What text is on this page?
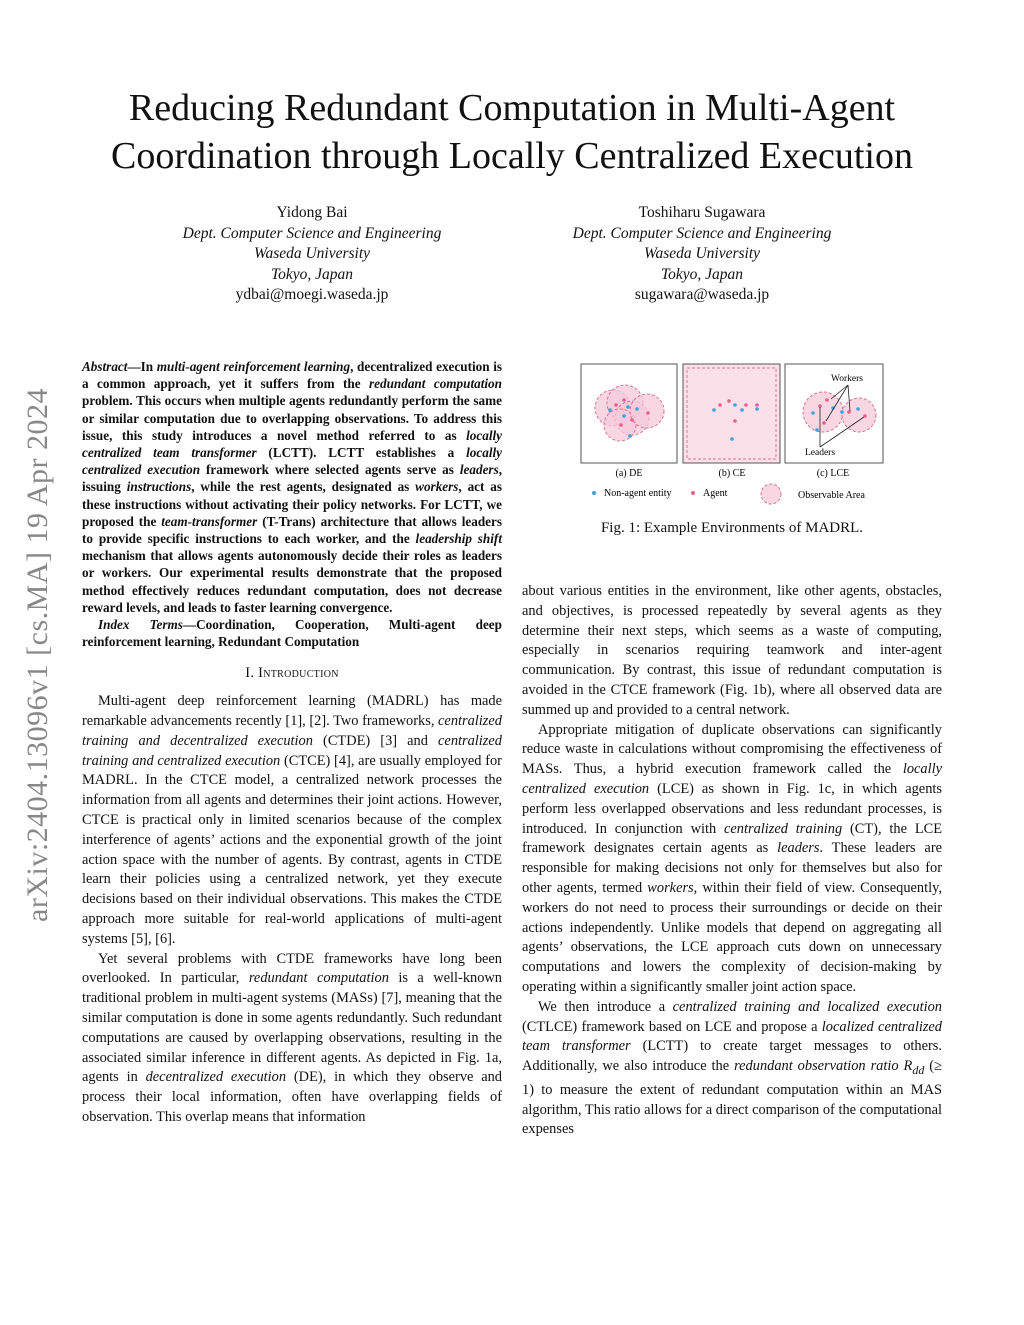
Reducing Redundant Computation in Multi-Agent
Coordination through Locally Centralized Execution
Yidong Bai
Dept. Computer Science and Engineering
Waseda University
Tokyo, Japan
ydbai@moegi.waseda.jp
Toshiharu Sugawara
Dept. Computer Science and Engineering
Waseda University
Tokyo, Japan
sugawara@waseda.jp
arXiv:2404.13096v1 [cs.MA] 19 Apr 2024

Abstract—In multi-agent reinforcement learning, decentralized execution is a common approach, yet it suffers from the redundant computation problem. This occurs when multiple agents redundantly perform the same or similar computation due to overlapping observations. To address this issue, this study introduces a novel method referred to as locally centralized team transformer (LCTT). LCTT establishes a locally centralized execution framework where selected agents serve as leaders, issuing instructions, while the rest agents, designated as workers, act as these instructions without activating their policy networks. For LCTT, we proposed the team-transformer (T-Trans) architecture that allows leaders to provide specific instructions to each worker, and the leadership shift mechanism that allows agents autonomously decide their roles as leaders or workers. Our experimental results demonstrate that the proposed method effectively reduces redundant computation, does not decrease reward levels, and leads to faster learning convergence.

Index Terms—Coordination, Cooperation, Multi-agent deep reinforcement learning, Redundant Computation

I. Introduction

Multi-agent deep reinforcement learning (MADRL) has made remarkable advancements recently [1], [2]. Two frameworks, centralized training and decentralized execution (CTDE) [3] and centralized training and centralized execution (CTCE) [4], are usually employed for MADRL. In the CTCE model, a centralized network processes the information from all agents and determines their joint actions. However, CTCE is practical only in limited scenarios because of the complex interference of agents’ actions and the exponential growth of the joint action space with the number of agents. By contrast, agents in CTDE learn their policies using a centralized network, yet they execute decisions based on their individual observations. This makes the CTDE approach more suitable for real-world applications of multi-agent systems [5], [6].

Yet several problems with CTDE frameworks have long been overlooked. In particular, redundant computation is a well-known traditional problem in multi-agent systems (MASs) [7], meaning that the similar computation is done in some agents redundantly. Such redundant computations are caused by overlapping observations, resulting in the associated similar inference in different agents. As depicted in Fig. 1a, agents in decentralized execution (DE), in which they observe and process their local information, often have overlapping fields of observation. This overlap means that information

Workers
Leaders
(a) DE	(b) CE	(c) LCE
Non-agent entity	Agent	Observable Area
Fig. 1: Example Environments of MADRL.

about various entities in the environment, like other agents, obstacles, and objectives, is processed repeatedly by several agents as they determine their next steps, which seems as a waste of computing, especially in scenarios requiring teamwork and inter-agent communication. By contrast, this issue of redundant computation is avoided in the CTCE framework (Fig. 1b), where all observed data are summed up and provided to a central network.

Appropriate mitigation of duplicate observations can significantly reduce waste in calculations without compromising the effectiveness of MASs. Thus, a hybrid execution framework called the locally centralized execution (LCE) as shown in Fig. 1c, in which agents perform less overlapped observations and less redundant processes, is introduced. In conjunction with centralized training (CT), the LCE framework designates certain agents as leaders. These leaders are responsible for making decisions not only for themselves but also for other agents, termed workers, within their field of view. Consequently, workers do not need to process their surroundings or decide on their actions independently. Unlike models that depend on aggregating all agents’ observations, the LCE approach cuts down on unnecessary computations and lowers the complexity of decision-making by operating within a significantly smaller joint action space.

We then introduce a centralized training and localized execution (CTLCE) framework based on LCE and propose a localized centralized team transformer (LCTT) to create target messages to others. Additionally, we also introduce the redundant observation ratio $R_{dd}$ (≥ 1) to measure the extent of redundant computation within an MAS algorithm, This ratio allows for a direct comparison of the computational expenses
